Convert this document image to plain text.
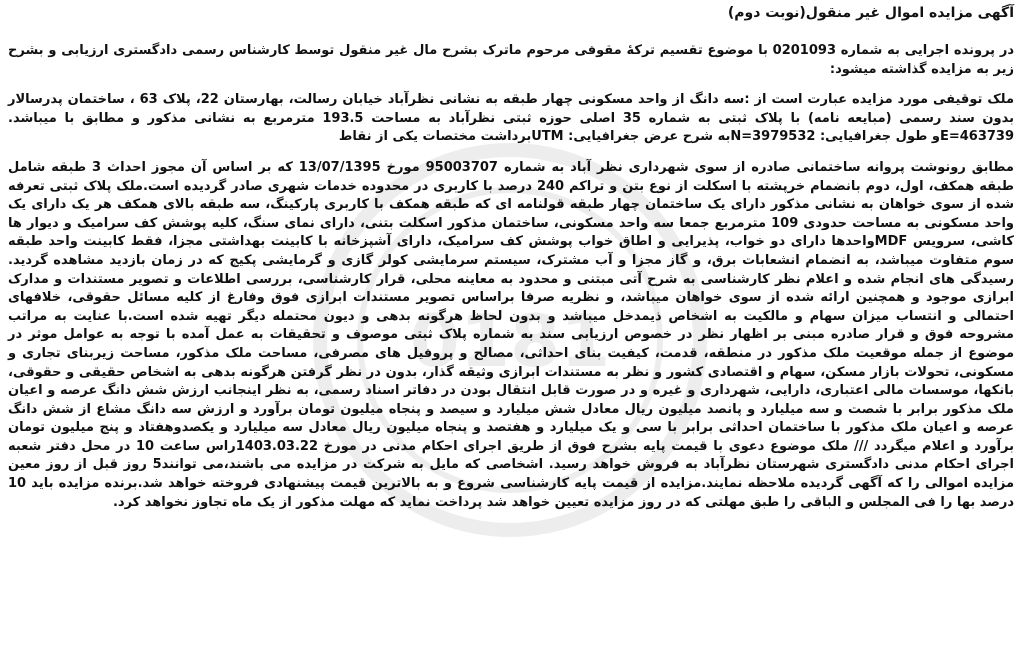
0181
آگهی مزایده اموال غیر منقول(نوبت دوم)

در پرونده اجرایی به شماره 0201093 با موضوع تقسیم ترکهٔ مقوفی مرحوم ماترک بشرح مال غیر منقول توسط کارشناس رسمی دادگستری ارزیابی و بشرح زیر به مزایده گذاشته میشود:

ملک توقیفی مورد مزایده عبارت است از :سه دانگ از واحد مسکونی چهار طبقه به نشانی نظرآباد خیابان رسالت، بهارستان 22، پلاک 63 ، ساختمان پدرسالار بدون سند رسمی (مبایعه نامه) با پلاک ثبتی به شماره 35 اصلی حوزه ثبتی نظرآباد به مساحت 193.5 مترمربع به نشانی مذکور و مطابق با میباشد. E=463739و طول جغرافیایی: N=3979532به شرح عرض جغرافیایی: UTMبرداشت مختصات یکی از نقاط

مطابق رونوشت پروانه ساختمانی صادره از سوی شهرداری نظر آباد به شماره 95003707 مورخ 13/07/1395 که بر اساس آن مجوز احداث 3 طبقه شامل طبقه همکف، اول، دوم بانضمام خرپشته با اسکلت از نوع بتن و تراکم 240 درصد با کاربری در محدوده خدمات شهری صادر گردیده است.ملک پلاک ثبتی تعرفه شده از سوی خواهان به نشانی مذکور دارای یک ساختمان چهار طبقه قولنامه ای که طبقه همکف با کاربری پارکینگ، سه طبقه بالای همکف هر یک دارای یک واحد مسکونی به مساحت حدودی 109 مترمربع جمعا سه واحد مسکونی، ساختمان مذکور اسکلت بتنی، دارای نمای سنگ، کلیه پوشش کف سرامیک و دیوار ها کاشی، سرویس MDFواحدها دارای دو خواب، پذیرایی و اطاق خواب پوشش کف سرامیک، دارای آشپزخانه با کابینت بهداشتی مجزا، فقط کابینت واحد طبقه سوم متفاوت میباشد، به انضمام انشعابات برق، و گاز مجزا و آب مشترک، سیستم سرمایشی کولر گازی و گرمایشی پکیج که در زمان بازدید مشاهده گردید. رسیدگی های انجام شده و اعلام نظر کارشناسی به شرح آتی مبتنی و محدود به معاینه محلی، قرار کارشناسی، بررسی اطلاعات و تصویر مستندات و مدارک ابرازی موجود و همچنین ارائه شده از سوی خواهان میباشد، و نظریه صرفا براساس تصویر مستندات ابرازی فوق وفارغ از کلیه مسائل حقوقی، خلافهای احتمالی و انتساب میزان سهام و مالکیت به اشخاص ذیمدخل میباشد و بدون لحاظ هرگونه بدهی و دیون محتمله دیگر تهیه شده است.با عنایت به مراتب مشروحه فوق و قرار صادره مبنی بر اظهار نظر در خصوص ارزیابی سند به شماره پلاک ثبتی موصوف و تحقیقات به عمل آمده با توجه به عوامل موثر در موضوع از جمله موقعیت ملک مذکور در منطقه، قدمت، کیفیت بنای احداثی، مصالح و پروفیل های مصرفی، مساحت ملک مذکور، مساحت زیربنای تجاری و مسکونی، تحولات بازار مسکن، سهام و اقتصادی کشور و نظر به مستندات ابرازی وثیقه گذار، بدون در نظر گرفتن هرگونه بدهی به اشخاص حقیقی و حقوقی، بانکها، موسسات مالی اعتباری، دارایی، شهرداری و غیره و در صورت قابل انتقال بودن در دفاتر اسناد رسمی، به نظر اینجانب ارزش شش دانگ عرصه و اعیان ملک مذکور برابر با شصت و سه میلیارد و پانصد میلیون ریال معادل شش میلیارد و سیصد و پنجاه میلیون تومان برآورد و ارزش سه دانگ مشاع از شش دانگ عرصه و اعیان ملک مذکور با ساختمان احداثی برابر با سی و یک میلیارد و هفتصد و پنجاه میلیون ریال معادل سه میلیارد و یکصدوهفتاد و پنج میلیون تومان برآورد و اعلام میگردد /// ملک موضوع دعوی با قیمت پایه بشرح فوق از طریق اجرای احکام مدنی در مورخ 1403.03.22راس ساعت 10 در محل دفتر شعبه اجرای احکام مدنی دادگستری شهرستان نظرآباد به فروش خواهد رسید. اشخاصی که مایل به شرکت در مزایده می باشند،می توانند5 روز قبل از روز معین مزایده اموالی را که آگهی گردیده ملاحظه نمایند.مزایده از قیمت پایه کارشناسی شروع و به بالاترین قیمت پیشنهادی فروخته خواهد شد.برنده مزایده باید 10 درصد بها را فی المجلس و الباقی را طبق مهلتی که در روز مزایده تعیین خواهد شد پرداخت نماید که مهلت مذکور از یک ماه تجاوز نخواهد کرد.
